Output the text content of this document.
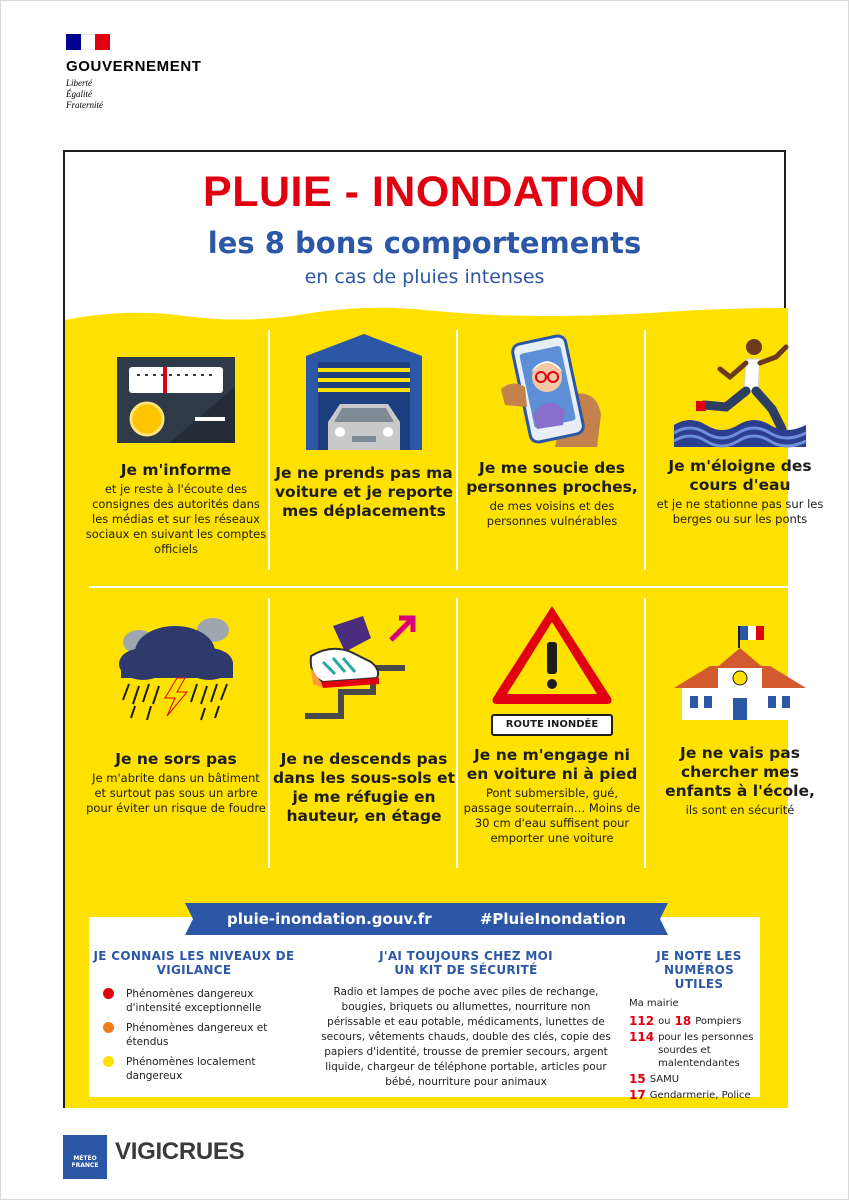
GOUVERNEMENT
Liberté
Égalité
Fraternité
PLUIE - INONDATION
les 8 bons comportements
en cas de pluies intenses
Je m'informe
et je reste à l'écoute des consignes des autorités dans les médias et sur les réseaux sociaux en suivant les comptes officiels
Je ne prends pas ma voiture et je reporte mes déplacements
Je me soucie des personnes proches,
de mes voisins et des personnes vulnérables
Je m'éloigne des cours d'eau
et je ne stationne pas sur les berges ou sur les ponts
Je ne sors pas
Je m'abrite dans un bâtiment et surtout pas sous un arbre pour éviter un risque de foudre
Je ne descends pas dans les sous-sols et je me réfugie en hauteur, en étage
ROUTE INONDÉE
Je ne m'engage ni en voiture ni à pied
Pont submersible, gué, passage souterrain… Moins de 30 cm d'eau suffisent pour emporter une voiture
Je ne vais pas chercher mes enfants à l'école,
ils sont en sécurité
JE CONNAIS LES NIVEAUX DE VIGILANCE
Phénomènes dangereux d'intensité exceptionnelle
Phénomènes dangereux et étendus
Phénomènes localement dangereux
J'AI TOUJOURS CHEZ MOI UN KIT DE SÉCURITÉ
Radio et lampes de poche avec piles de rechange, bougies, briquets ou allumettes, nourriture non périssable et eau potable, médicaments, lunettes de secours, vêtements chauds, double des clés, copie des papiers d'identité, trousse de premier secours, argent liquide, chargeur de téléphone portable, articles pour bébé, nourriture pour animaux
JE NOTE LES NUMÉROS UTILES
Ma mairie
112 ou 18 Pompiers
114 pour les personnes sourdes et malentendantes
15 SAMU
17 Gendarmerie, Police
pluie-inondation.gouv.fr	#PluieInondation
MÉTÉO FRANCE
VIGICRUES
